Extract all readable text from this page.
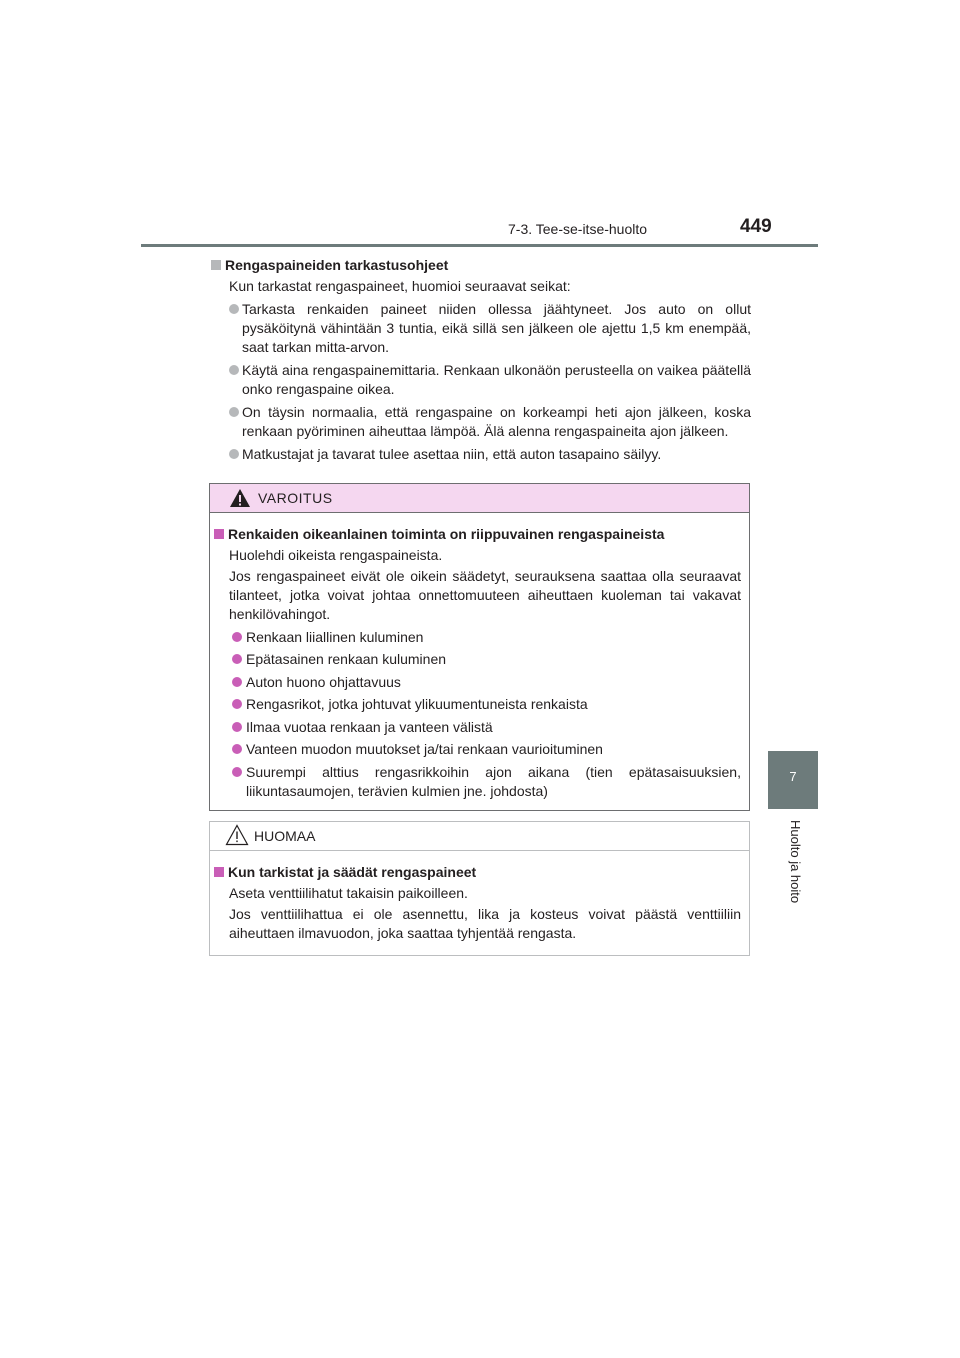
7-3. Tee-se-itse-huolto	449
7
Huolto ja hoito
Rengaspaineiden tarkastusohjeet
Kun tarkastat rengaspaineet, huomioi seuraavat seikat:
Tarkasta renkaiden paineet niiden ollessa jäähtyneet. Jos auto on ollut pysäköitynä vähintään 3 tuntia, eikä sillä sen jälkeen ole ajettu 1,5 km enempää, saat tarkan mitta-arvon.
Käytä aina rengaspainemittaria. Renkaan ulkonäön perusteella on vaikea päätellä onko rengaspaine oikea.
On täysin normaalia, että rengaspaine on korkeampi heti ajon jälkeen, koska renkaan pyöriminen aiheuttaa lämpöä. Älä alenna rengaspaineita ajon jälkeen.
Matkustajat ja tavarat tulee asettaa niin, että auton tasapaino säilyy.
VAROITUS
Renkaiden oikeanlainen toiminta on riippuvainen rengaspaineista
Huolehdi oikeista rengaspaineista.
Jos rengaspaineet eivät ole oikein säädetyt, seurauksena saattaa olla seuraavat tilanteet, jotka voivat johtaa onnettomuuteen aiheuttaen kuoleman tai vakavat henkilövahingot.
Renkaan liiallinen kuluminen
Epätasainen renkaan kuluminen
Auton huono ohjattavuus
Rengasrikot, jotka johtuvat ylikuumentuneista renkaista
Ilmaa vuotaa renkaan ja vanteen välistä
Vanteen muodon muutokset ja/tai renkaan vaurioituminen
Suurempi alttius rengasrikkoihin ajon aikana (tien epätasaisuuksien, liikuntasaumojen, terävien kulmien jne. johdosta)
HUOMAA
Kun tarkistat ja säädät rengaspaineet
Aseta venttiilihatut takaisin paikoilleen.
Jos venttiilihattua ei ole asennettu, lika ja kosteus voivat päästä venttiiliin aiheuttaen ilmavuodon, joka saattaa tyhjentää rengasta.
